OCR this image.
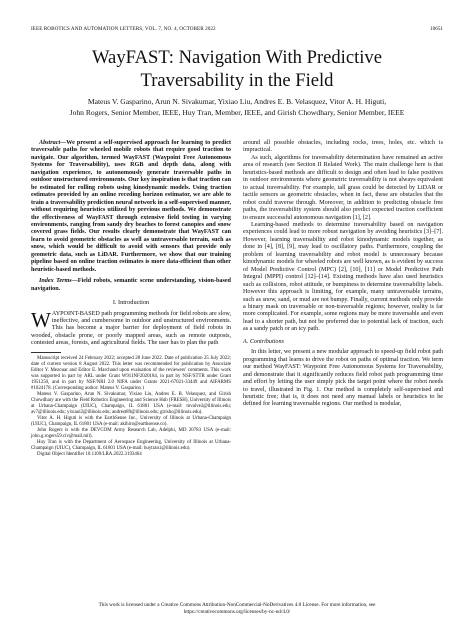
IEEE ROBOTICS AND AUTOMATION LETTERS, VOL. 7, NO. 4, OCTOBER 2022	10651
WayFAST: Navigation With Predictive
Traversability in the Field
Mateus V. Gasparino, Arun N. Sivakumar, Yixiao Liu, Andres E. B. Velasquez, Vitor A. H. Higuti,
John Rogers, Senior Member, IEEE, Huy Tran, Member, IEEE, and Girish Chowdhary, Senior Member, IEEE

Abstract—We present a self-supervised approach for learning to predict traversable paths for wheeled mobile robots that require good traction to navigate. Our algorithm, termed WayFAST (Waypoint Free Autonomous Systems for Traversability), uses RGB and depth data, along with navigation experience, to autonomously generate traversable paths in outdoor unstructured environments. Our key inspiration is that traction can be estimated for rolling robots using kinodynamic models. Using traction estimates provided by an online receding horizon estimator, we are able to train a traversability prediction neural network in a self-supervised manner, without requiring heuristics utilized by previous methods. We demonstrate the effectiveness of WayFAST through extensive field testing in varying environments, ranging from sandy dry beaches to forest canopies and snow covered grass fields. Our results clearly demonstrate that WayFAST can learn to avoid geometric obstacles as well as untraversable terrain, such as snow, which would be difficult to avoid with sensors that provide only geometric data, such as LiDAR. Furthermore, we show that our training pipeline based on online traction estimates is more data-efficient than other heuristic-based methods.

Index Terms—Field robots, semantic scene understanding, vision-based navigation.

I. Introduction

WAYPOINT-BASED path programming methods for field robots are slow, ineffective, and cumbersome in outdoor and unstructured environments. This has become a major barrier for deployment of field robots in wooded, obstacle prone, or poorly mapped areas, such as remote outposts, contested areas, forests, and agricultural fields. The user has to plan the path

Manuscript received 24 February 2022; accepted 28 June 2022. Date of publication 25 July 2022; date of current version 8 August 2022. This letter was recommended for publication by Associate Editor Y. Mezouar and Editor E. Marchand upon evaluation of the reviewers' comments. This work was supported in part by ARL under Grant W911NF2020184, in part by NSF/STTR under Grant 1951250, and in part by NSF/NRI 2.0 NIFA under Grants 2021-67021-33449 and AIFARMS #1024178. (Corresponding author: Mateus V. Gasparino.)

Mateus V. Gasparino, Arun N. Sivakumar, Yixiao Liu, Andres E. B. Velasquez, and Girish Chowdhary are with the Field Robotics Engineering and Science Hub (FRESH), University of Illinois at Urbana-Champaign (UIUC), Champaign, IL 61801 USA (e-mail: mvalve2@illinois.edu; av7@illinois.edu; yixiaol2@illinois.edu; andrest89@illinois.edu; girishc@illinois.edu).

Vitor A. H. Higuti is with the EarthSense Inc., University of Illinois at Urbana-Champaign (UIUC), Champaign, IL 61801 USA (e-mail: akihiro@earthsense.co).

John Rogers is with the DEVCOM Army Research Lab, Adelphi, MD 20783 USA (e-mail: john.g.rogers59.civ@mail.mil).

Huy Tran is with the Department of Aerospace Engineering, University of Illinois at Urbana-Champaign (UIUC), Champaign, IL 61801 USA (e-mail: huytran1@illinois.edu).

Digital Object Identifier 10.1109/LRA.2022.3193464

around all possible obstacles, including rocks, trees, holes, etc. which is impractical.

As such, algorithms for traversability determination have remained an active area of research (see Section II Related Work). The main challenge here is that heuristics-based methods are difficult to design and often lead to false positives in outdoor environments where geometric traversability is not always equivalent to actual traversability. For example, tall grass could be detected by LiDAR or tactile sensors as geometric obstacles, when in fact, these are obstacles that the robot could traverse through. Moreover, in addition to predicting obstacle free paths, the traversability system should also predict expected traction coefficient to ensure successful autonomous navigation [1], [2].

Learning-based methods to determine traversability based on navigation experiences could lead to more robust navigation by avoiding heuristics [3]–[7]. However, learning traversability and robot kinodynamic models together, as done in [4], [8], [9], may lead to oscillatory paths. Furthermore, coupling the problem of learning traversability and robot model is unnecessary because kinodynamic models for wheeled robots are well known, as is evident by success of Model Predictive Control (MPC) [2], [10], [11] or Model Predictive Path Integral (MPPI) control [12]–[14]. Existing methods have also used heuristics such as collisions, robot attitude, or bumpiness to determine traversability labels. However this approach is limiting, for example, many untraversable terrains, such as snow, sand, or mud are not bumpy. Finally, current methods only provide a binary mask on traversable or non-traversable regions; however, reality is far more complicated. For example, some regions may be more traversable and even lead to a shorter path, but not be preferred due to potential lack of traction, such as a sandy patch or an icy path.

A. Contributions

In this letter, we present a new modular approach to speed-up field robot path programming that learns to drive the robot on paths of optimal traction. We term our method WayFAST: Waypoint Free Autonomous Systems for Traversability, and demonstrate that it significantly reduces field robot path programming time and effort by letting the user simply pick the target point where the robot needs to travel, illustrated in Fig. 1. Our method is completely self-supervised and heuristic free; that is, it does not need any manual labels or heuristics to be defined for learning traversable regions. Our method is modular,

This work is licensed under a Creative Commons Attribution-NonCommercial-NoDerivatives 4.0 License. For more information, see
https://creativecommons.org/licenses/by-nc-nd/4.0/
